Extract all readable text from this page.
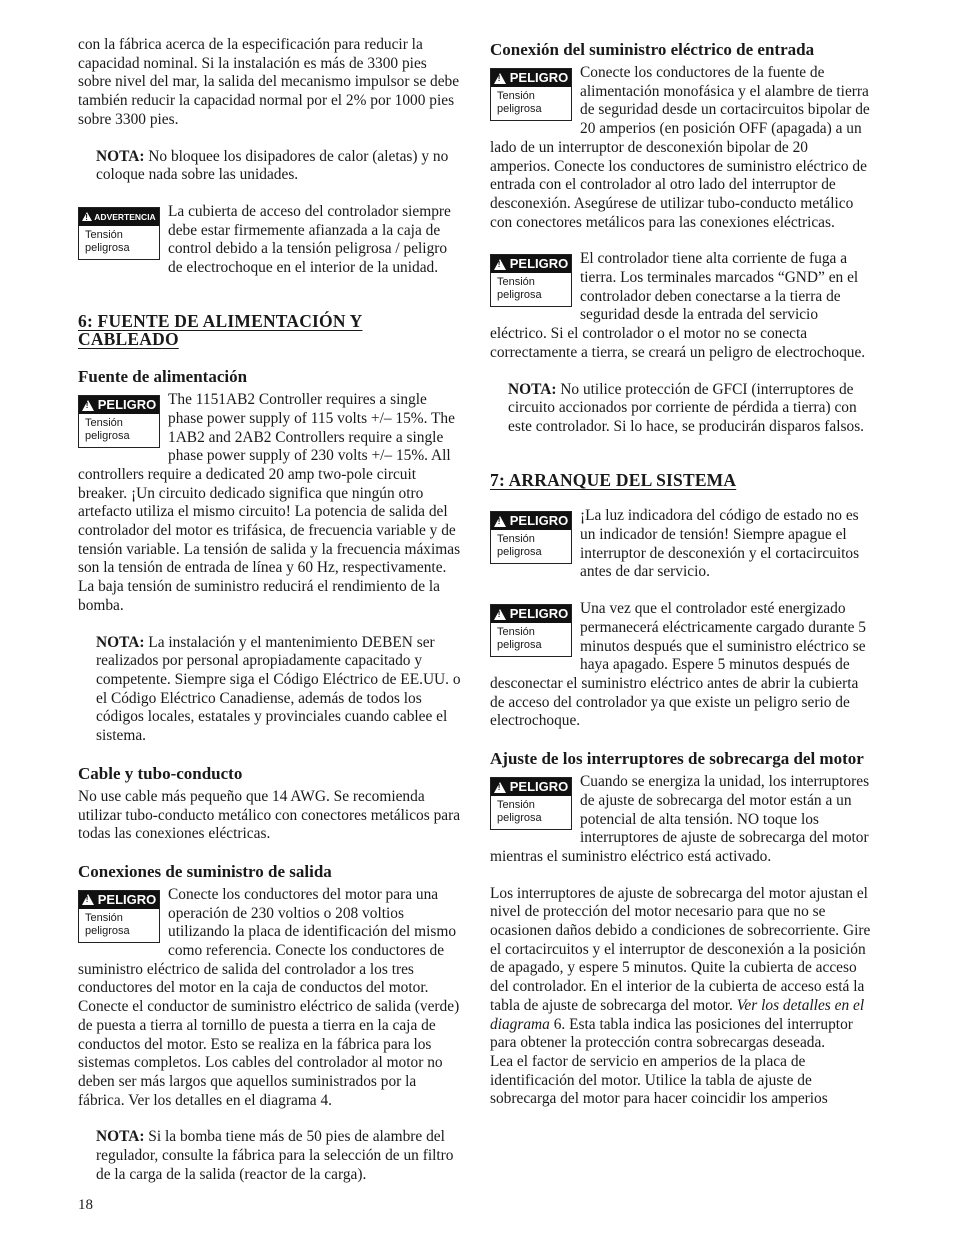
con la fábrica acerca de la especificación para reducir la capacidad nominal. Si la instalación es más de 3300 pies sobre nivel del mar, la salida del mecanismo impulsor se debe también reducir la capacidad normal por el 2% por 1000 pies sobre 3300 pies.

NOTA: No bloquee los disipadores de calor (aletas) y no coloque nada sobre las unidades.

!
ADVERTENCIA
Tensión peligrosa

La cubierta de acceso del controlador siempre debe estar firmemente afianzada a la caja de control debido a la tensión peligrosa / peligro de electrochoque en el interior de la unidad.

6: FUENTE DE ALIMENTACIÓN Y CABLEADO
Fuente de alimentación
!
PELIGRO
Tensión peligrosa

The 1151AB2 Controller requires a single phase power supply of 115 volts +/– 15%. The 1AB2 and 2AB2 Controllers require a single phase power supply of 230 volts +/– 15%. All controllers require a dedicated 20 amp two-pole circuit breaker. ¡Un circuito dedicado significa que ningún otro artefacto utiliza el mismo circuito! La potencia de salida del controlador del motor es trifásica, de frecuencia variable y de tensión variable. La tensión de salida y la frecuencia máximas son la tensión de entrada de línea y 60 Hz, respectivamente. La baja tensión de suministro reducirá el rendimiento de la bomba.

NOTA: La instalación y el mantenimiento DEBEN ser realizados por personal apropiadamente capacitado y competente. Siempre siga el Código Eléctrico de EE.UU. o el Código Eléctrico Canadiense, además de todos los códigos locales, estatales y provinciales cuando cablee el sistema.

Cable y tubo-conducto

No use cable más pequeño que 14 AWG. Se recomienda utilizar tubo-conducto metálico con conectores metálicos para todas las conexiones eléctricas.

Conexiones de suministro de salida
!
PELIGRO
Tensión peligrosa

Conecte los conductores del motor para una operación de 230 voltios o 208 voltios utilizando la placa de identificación del mismo como referencia. Conecte los conductores de suministro eléctrico de salida del controlador a los tres conductores del motor en la caja de conductos del motor. Conecte el conductor de suministro eléctrico de salida (verde) de puesta a tierra al tornillo de puesta a tierra en la caja de conductos del motor. Esto se realiza en la fábrica para los sistemas completos. Los cables del controlador al motor no deben ser más largos que aquellos suministrados por la fábrica. Ver los detalles en el diagrama 4.

NOTA: Si la bomba tiene más de 50 pies de alambre del regulador, consulte la fábrica para la selección de un filtro de la carga de la salida (reactor de la carga).

Conexión del suministro eléctrico de entrada
!
PELIGRO
Tensión peligrosa

Conecte los conductores de la fuente de alimentación monofásica y el alambre de tierra de seguridad desde un cortacircuitos bipolar de 20 amperios (en posición OFF (apagada) a un lado de un interruptor de desconexión bipolar de 20 amperios. Conecte los conductores de suministro eléctrico de entrada con el controlador al otro lado del interruptor de desconexión. Asegúrese de utilizar tubo-conducto metálico con conectores metálicos para las conexiones eléctricas.

!
PELIGRO
Tensión peligrosa

El controlador tiene alta corriente de fuga a tierra. Los terminales marcados “GND” en el controlador deben conectarse a la tierra de seguridad desde la entrada del servicio eléctrico. Si el controlador o el motor no se conecta correctamente a tierra, se creará un peligro de electrochoque.

NOTA: No utilice protección de GFCI (interruptores de circuito accionados por corriente de pérdida a tierra) con este controlador. Si lo hace, se producirán disparos falsos.

7: ARRANQUE DEL SISTEMA
!
PELIGRO
Tensión peligrosa

¡La luz indicadora del código de estado no es un indicador de tensión! Siempre apague el interruptor de desconexión y el cortacircuitos antes de dar servicio.

!
PELIGRO
Tensión peligrosa

Una vez que el controlador esté energizado permanecerá eléctricamente cargado durante 5 minutos después que el suministro eléctrico se haya apagado. Espere 5 minutos después de desconectar el suministro eléctrico antes de abrir la cubierta de acceso del controlador ya que existe un peligro serio de electrochoque.

Ajuste de los interruptores de sobrecarga del motor
!
PELIGRO
Tensión peligrosa

Cuando se energiza la unidad, los interruptores de ajuste de sobrecarga del motor están a un potencial de alta tensión. NO toque los interruptores de ajuste de sobrecarga del motor mientras el suministro eléctrico está activado.

Los interruptores de ajuste de sobrecarga del motor ajustan el nivel de protección del motor necesario para que no se ocasionen daños debido a condiciones de sobrecorriente. Gire el cortacircuitos y el interruptor de desconexión a la posición de apagado, y espere 5 minutos. Quite la cubierta de acceso del controlador. En el interior de la cubierta de acceso está la tabla de ajuste de sobrecarga del motor. Ver los detalles en el diagrama 6. Esta tabla indica las posiciones del interruptor para obtener la protección contra sobrecargas deseada.

Lea el factor de servicio en amperios de la placa de identificación del motor. Utilice la tabla de ajuste de sobrecarga del motor para hacer coincidir los amperios

18
